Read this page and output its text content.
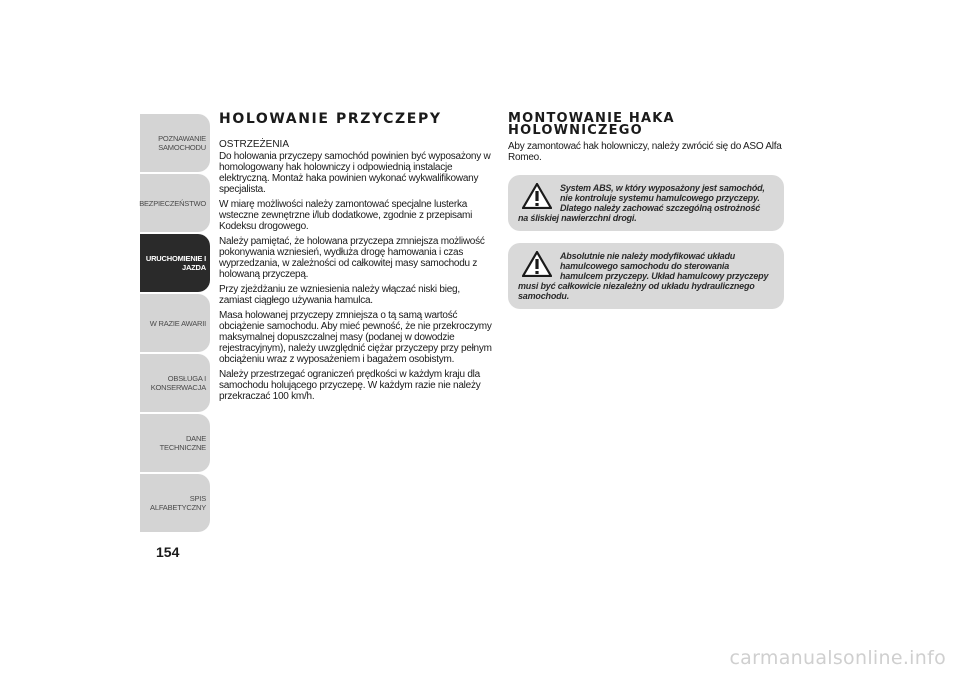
POZNAWANIE
SAMOCHODU
BEZPIECZEŃSTWO
URUCHOMIENIE I
JAZDA
W RAZIE AWARII
OBSŁUGA I
KONSERWACJA
DANE TECHNICZNE
SPIS ALFABETYCZNY
154
HOLOWANIE PRZYCZEPY
OSTRZEŻENIA

Do holowania przyczepy samochód powinien być wyposażony w homologowany hak holowniczy i odpowiednią instalacje elektryczną. Montaż haka powinien wykonać wykwalifikowany specjalista.

W miarę możliwości należy zamontować specjalne lusterka wsteczne zewnętrzne i/lub dodatkowe, zgodnie z przepisami Kodeksu drogowego.

Należy pamiętać, że holowana przyczepa zmniejsza możliwość pokonywania wzniesień, wydłuża drogę hamowania i czas wyprzedzania, w zależności od całkowitej masy samochodu z holowaną przyczepą.

Przy zjeżdżaniu ze wzniesienia należy włączać niski bieg, zamiast ciągłego używania hamulca.

Masa holowanej przyczepy zmniejsza o tą samą wartość obciążenie samochodu. Aby mieć pewność, że nie przekroczymy maksymalnej dopuszczalnej masy (podanej w dowodzie rejestracyjnym), należy uwzględnić ciężar przyczepy przy pełnym obciążeniu wraz z wyposażeniem i bagażem osobistym.

Należy przestrzegać ograniczeń prędkości w każdym kraju dla samochodu holującego przyczepę. W każdym razie nie należy przekraczać 100 km/h.

MONTOWANIE HAKA
HOLOWNICZEGO

Aby zamontować hak holowniczy, należy zwrócić się do ASO Alfa Romeo.

System ABS, w który wyposażony jest samochód, nie kontroluje systemu hamulcowego przyczepy. Dlatego należy zachować szczególną ostrożność na śliskiej nawierzchni drogi.
Absolutnie nie należy modyfikować układu hamulcowego samochodu do sterowania hamulcem przyczepy. Układ hamulcowy przyczepy musi być całkowicie niezależny od układu hydraulicznego samochodu.
carmanualsonline.info
